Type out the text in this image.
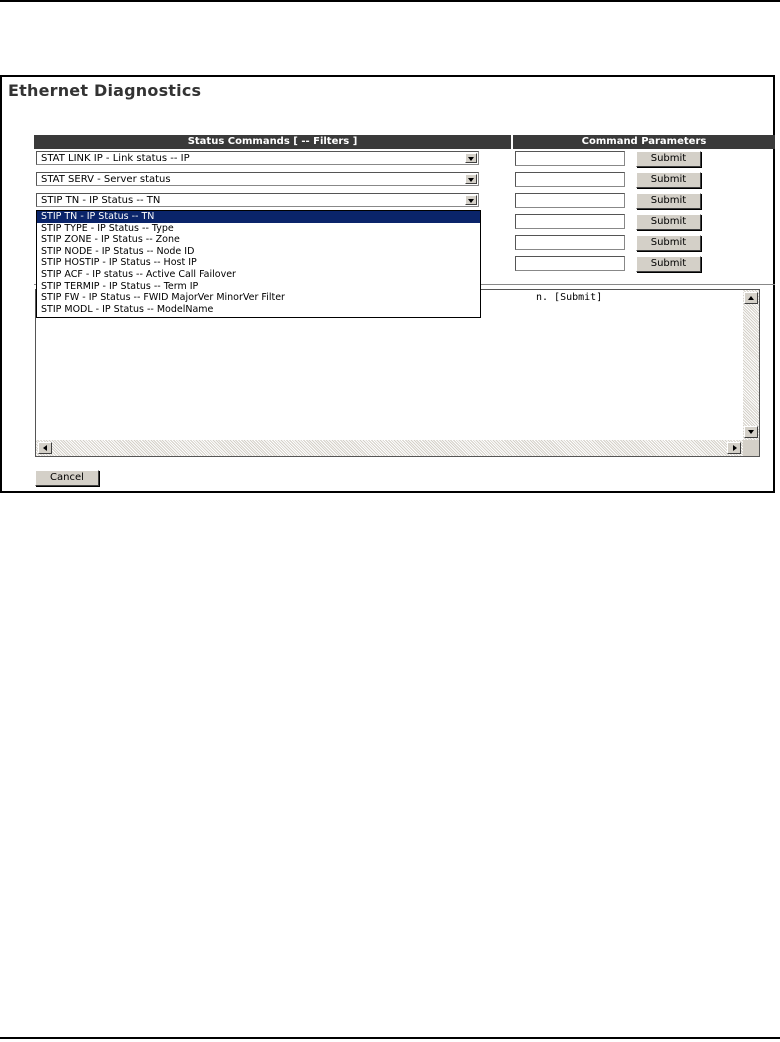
Ethernet Diagnostics
Status Commands [ -- Filters ]	Command Parameters
STAT LINK IP - Link status -- IP	Submit
STAT SERV - Server status	Submit
STIP TN - IP Status -- TN	Submit
Submit
Submit
Submit
n. [Submit]
STIP TN - IP Status -- TN
STIP TYPE - IP Status -- Type
STIP ZONE - IP Status -- Zone
STIP NODE - IP Status -- Node ID
STIP HOSTIP - IP Status -- Host IP
STIP ACF - IP status -- Active Call Failover
STIP TERMIP - IP Status -- Term IP
STIP FW - IP Status -- FWID MajorVer MinorVer Filter
STIP MODL - IP Status -- ModelName
Cancel
